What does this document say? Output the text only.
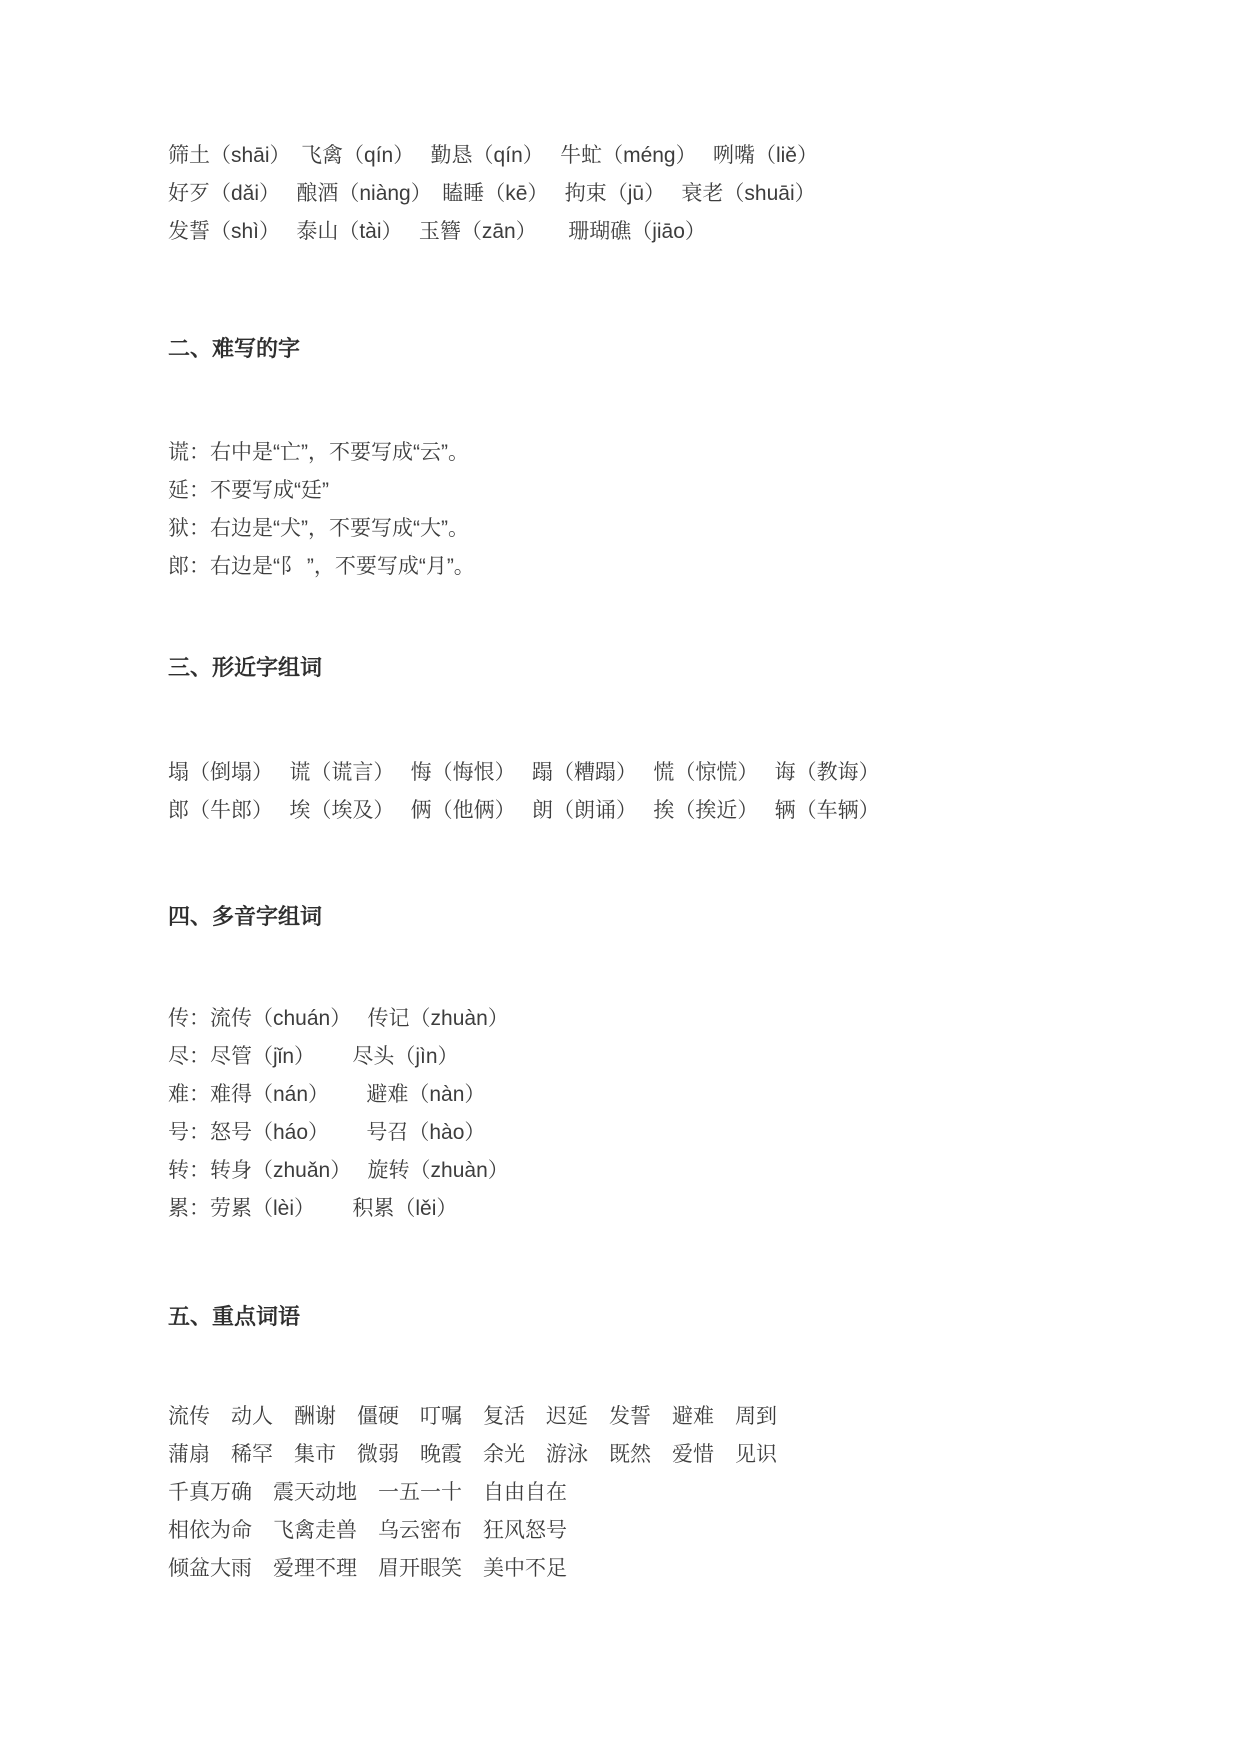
筛土（shāi）　飞禽（qín）　 勤恳（qín）　 牛虻（méng）　 咧嘴（liě）
好歹（dǎi）　 酿酒（niàng）　瞌睡（kē）　 拘束（jū）　 衰老（shuāi）
发誓（shì）　 泰山（tài）　 玉簪（zān）　　珊瑚礁（jiāo）
二、难写的字
谎：右中是“亡”，不要写成“云”。
延：不要写成“廷”
狱：右边是“犬”，不要写成“大”。
郎：右边是“阝 ”，不要写成“月”。
三、形近字组词
塌（倒塌）　 谎（谎言）　 悔（悔恨）　 蹋（糟蹋）　 慌（惊慌）　 诲（教诲）
郎（牛郎）　 埃（埃及）　 俩（他俩）　 朗（朗诵）　 挨（挨近）　 辆（车辆）
四、多音字组词
传：流传（chuán）　 传记（zhuàn）
尽：尽管（jǐn）　　 尽头（jìn）
难：难得（nán）　　 避难（nàn）
号：怒号（háo）　　 号召（hào）
转：转身（zhuǎn）　 旋转（zhuàn）
累：劳累（lèi）　　 积累（lěi）
五、重点词语
流传　动人　酬谢　僵硬　叮嘱　复活　迟延　发誓　避难　周到
蒲扇　稀罕　集市　微弱　晚霞　余光　游泳　既然　爱惜　见识
千真万确　震天动地　一五一十　自由自在
相依为命　飞禽走兽　乌云密布　狂风怒号
倾盆大雨　爱理不理　眉开眼笑　美中不足
